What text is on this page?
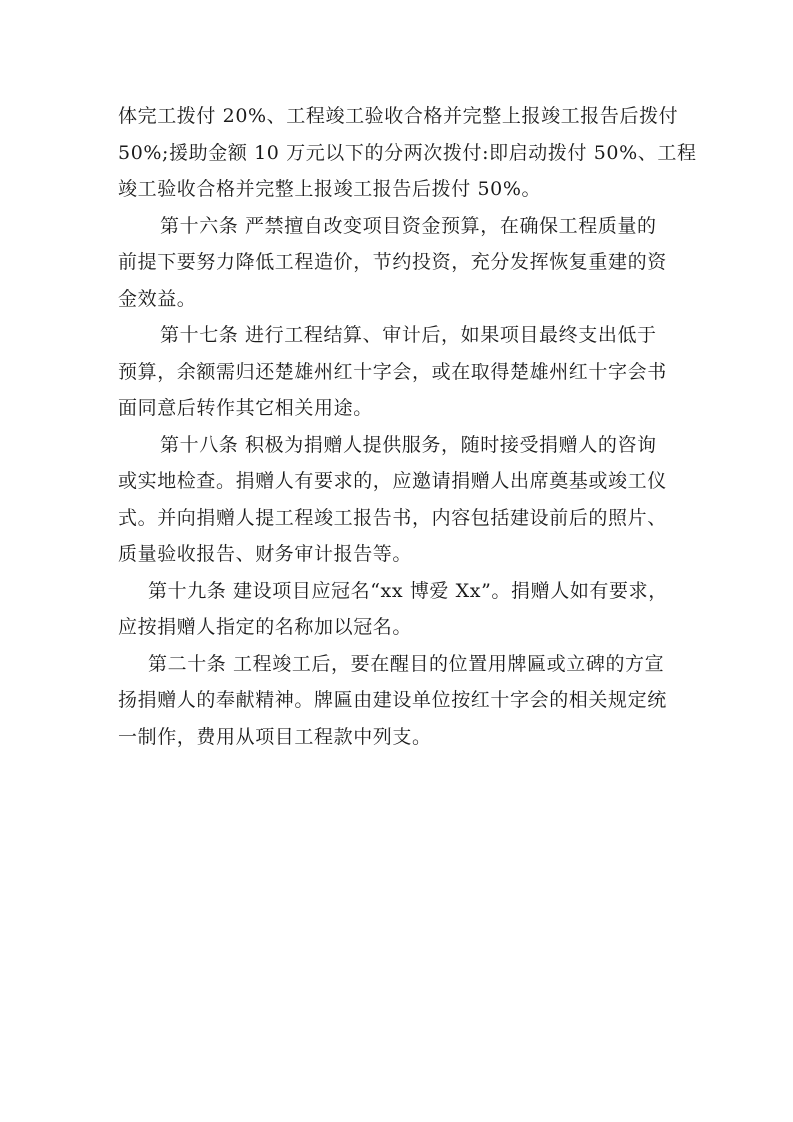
体完工拨付 20%、工程竣工验收合格并完整上报竣工报告后拨付
50%;援助金额 10 万元以下的分两次拨付:即启动拨付 50%、工程
竣工验收合格并完整上报竣工报告后拨付 50%。
第十六条 严禁擅自改变项目资金预算，在确保工程质量的
前提下要努力降低工程造价，节约投资，充分发挥恢复重建的资
金效益。
第十七条 进行工程结算、审计后，如果项目最终支出低于
预算，余额需归还楚雄州红十字会，或在取得楚雄州红十字会书
面同意后转作其它相关用途。
第十八条 积极为捐赠人提供服务，随时接受捐赠人的咨询
或实地检查。捐赠人有要求的，应邀请捐赠人出席奠基或竣工仪
式。并向捐赠人提工程竣工报告书，内容包括建设前后的照片、
质量验收报告、财务审计报告等。
第十九条 建设项目应冠名“xx 博爱 Xx”。捐赠人如有要求，
应按捐赠人指定的名称加以冠名。
第二十条 工程竣工后，要在醒目的位置用牌匾或立碑的方宣
扬捐赠人的奉献精神。牌匾由建设单位按红十字会的相关规定统
一制作，费用从项目工程款中列支。
